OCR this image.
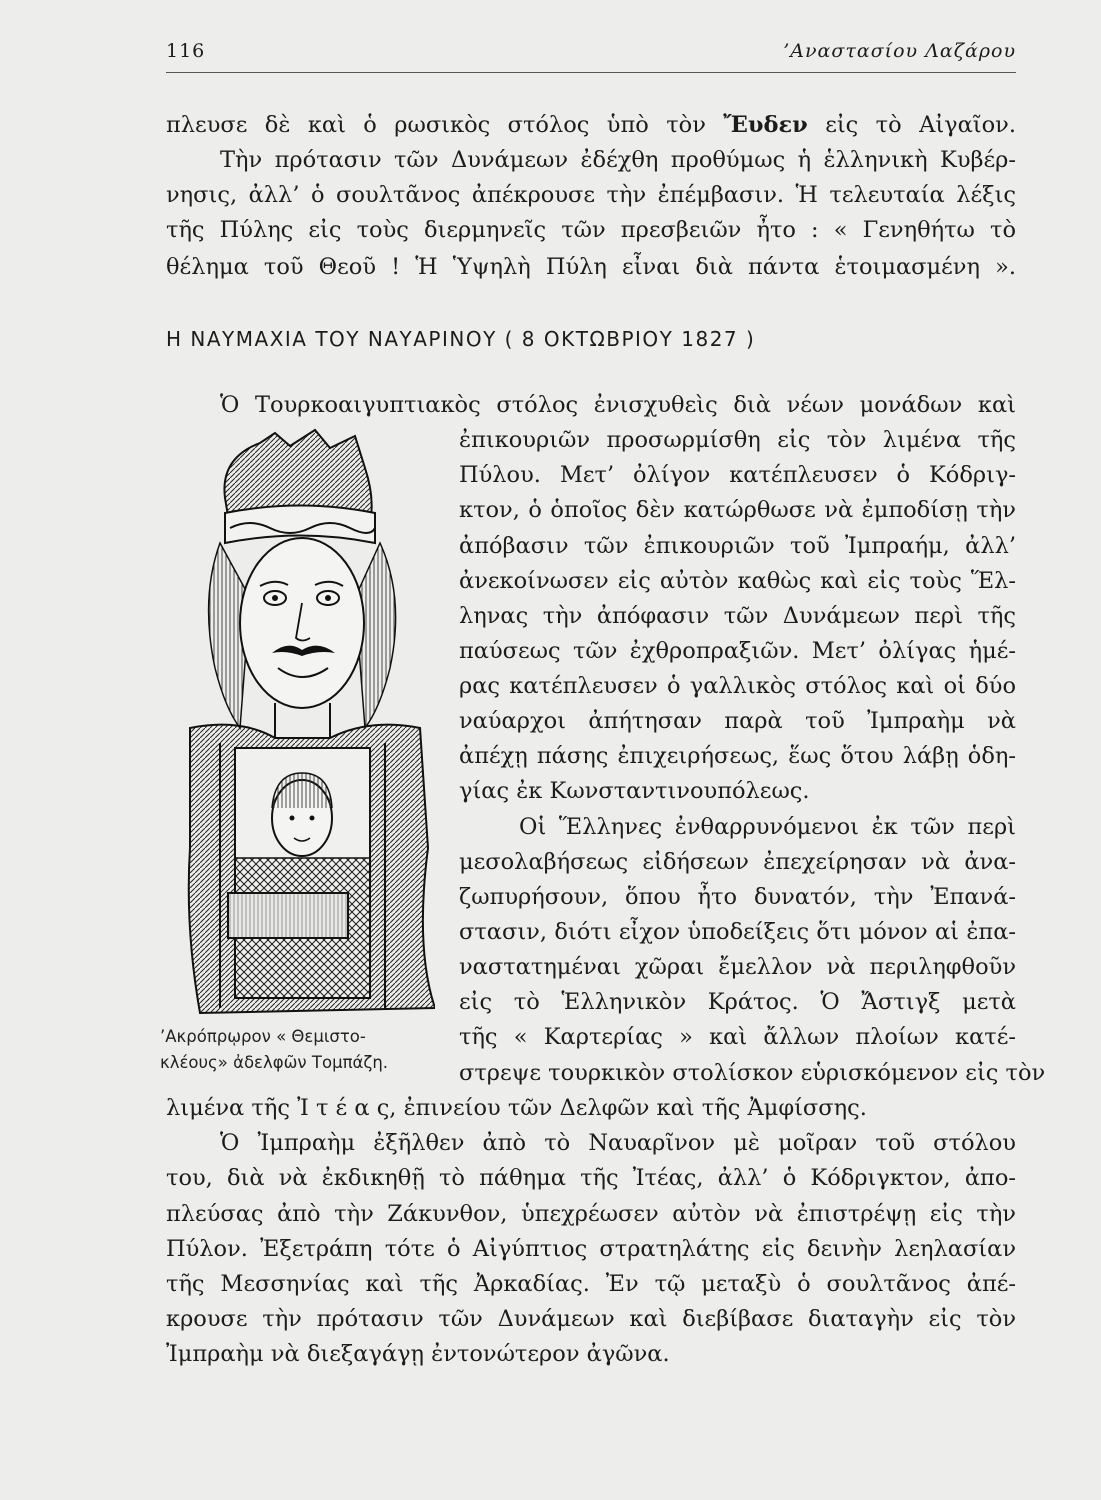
116	’Αναστασίου Λαζάρου
πλευσε δὲ καὶ ὁ ρωσικὸς στόλος ὑπὸ τὸν Ἔυδεν εἰς τὸ Αἰγαῖον.
Τὴν πρότασιν τῶν Δυνάμεων ἐδέχθη προθύμως ἡ ἑλληνικὴ Κυβέρ-
νησις, ἀλλ’ ὁ σουλτᾶνος ἀπέκρουσε τὴν ἐπέμβασιν. Ἡ τελευταία λέξις
τῆς Πύλης εἰς τοὺς διερμηνεῖς τῶν πρεσβειῶν ἦτο : « Γενηθήτω τὸ
θέλημα τοῦ Θεοῦ ! Ἡ Ὑψηλὴ Πύλη εἶναι διὰ πάντα ἑτοιμασμένη ».
Η ΝΑΥΜΑΧΙΑ ΤΟΥ ΝΑΥΑΡΙΝΟΥ ( 8 ΟΚΤΩΒΡΙΟΥ 1827 )
Ὁ Τουρκοαιγυπτιακὸς στόλος ἐνισχυθεὶς διὰ νέων μονάδων καὶ
ἐπικουριῶν προσωρμίσθη εἰς τὸν λιμένα τῆς
Πύλου. Μετ’ ὀλίγον κατέπλευσεν ὁ Κόδριγ-
κτον, ὁ ὁποῖος δὲν κατώρθωσε νὰ ἐμποδίσῃ τὴν
ἀπόβασιν τῶν ἐπικουριῶν τοῦ Ἰμπραήμ, ἀλλ’
ἀνεκοίνωσεν εἰς αὐτὸν καθὼς καὶ εἰς τοὺς Ἕλ-
ληνας τὴν ἀπόφασιν τῶν Δυνάμεων περὶ τῆς
παύσεως τῶν ἐχθροπραξιῶν. Μετ’ ὀλίγας ἡμέ-
ρας κατέπλευσεν ὁ γαλλικὸς στόλος καὶ οἱ δύο
ναύαρχοι ἀπήτησαν παρὰ τοῦ Ἰμπραὴμ νὰ
ἀπέχῃ πάσης ἐπιχειρήσεως, ἕως ὅτου λάβῃ ὁδη-
γίας ἐκ Κωνσταντινουπόλεως.
Οἱ Ἕλληνες ἐνθαρρυνόμενοι ἐκ τῶν περὶ
μεσολαβήσεως εἰδήσεων ἐπεχείρησαν νὰ ἀνα-
ζωπυρήσουν, ὅπου ἦτο δυνατόν, τὴν Ἐπανά-
στασιν, διότι εἶχον ὑποδείξεις ὅτι μόνον αἱ ἐπα-
ναστατημέναι χῶραι ἔμελλον νὰ περιληφθοῦν
εἰς τὸ Ἑλληνικὸν Κράτος. Ὁ Ἄστιγξ μετὰ
τῆς « Καρτερίας » καὶ ἄλλων πλοίων κατέ-
στρεψε τουρκικὸν στολίσκον εὑρισκόμενον εἰς τὸν
’Ακρόπρῳρον « Θεμιστο-
κλέους» ἀδελφῶν Τομπάζη.
λιμένα τῆς Ἰ τ έ α ς, ἐπινείου τῶν Δελφῶν καὶ τῆς Ἀμφίσσης.
Ὁ Ἰμπραὴμ ἐξῆλθεν ἀπὸ τὸ Ναυαρῖνον μὲ μοῖραν τοῦ στόλου
του, διὰ νὰ ἐκδικηθῇ τὸ πάθημα τῆς Ἰτέας, ἀλλ’ ὁ Κόδριγκτον, ἀπο-
πλεύσας ἀπὸ τὴν Ζάκυνθον, ὑπεχρέωσεν αὐτὸν νὰ ἐπιστρέψῃ εἰς τὴν
Πύλον. Ἐξετράπη τότε ὁ Αἰγύπτιος στρατηλάτης εἰς δεινὴν λεηλασίαν
τῆς Μεσσηνίας καὶ τῆς Ἀρκαδίας. Ἐν τῷ μεταξὺ ὁ σουλτᾶνος ἀπέ-
κρουσε τὴν πρότασιν τῶν Δυνάμεων καὶ διεβίβασε διαταγὴν εἰς τὸν
Ἰμπραὴμ νὰ διεξαγάγῃ ἐντονώτερον ἀγῶνα.
